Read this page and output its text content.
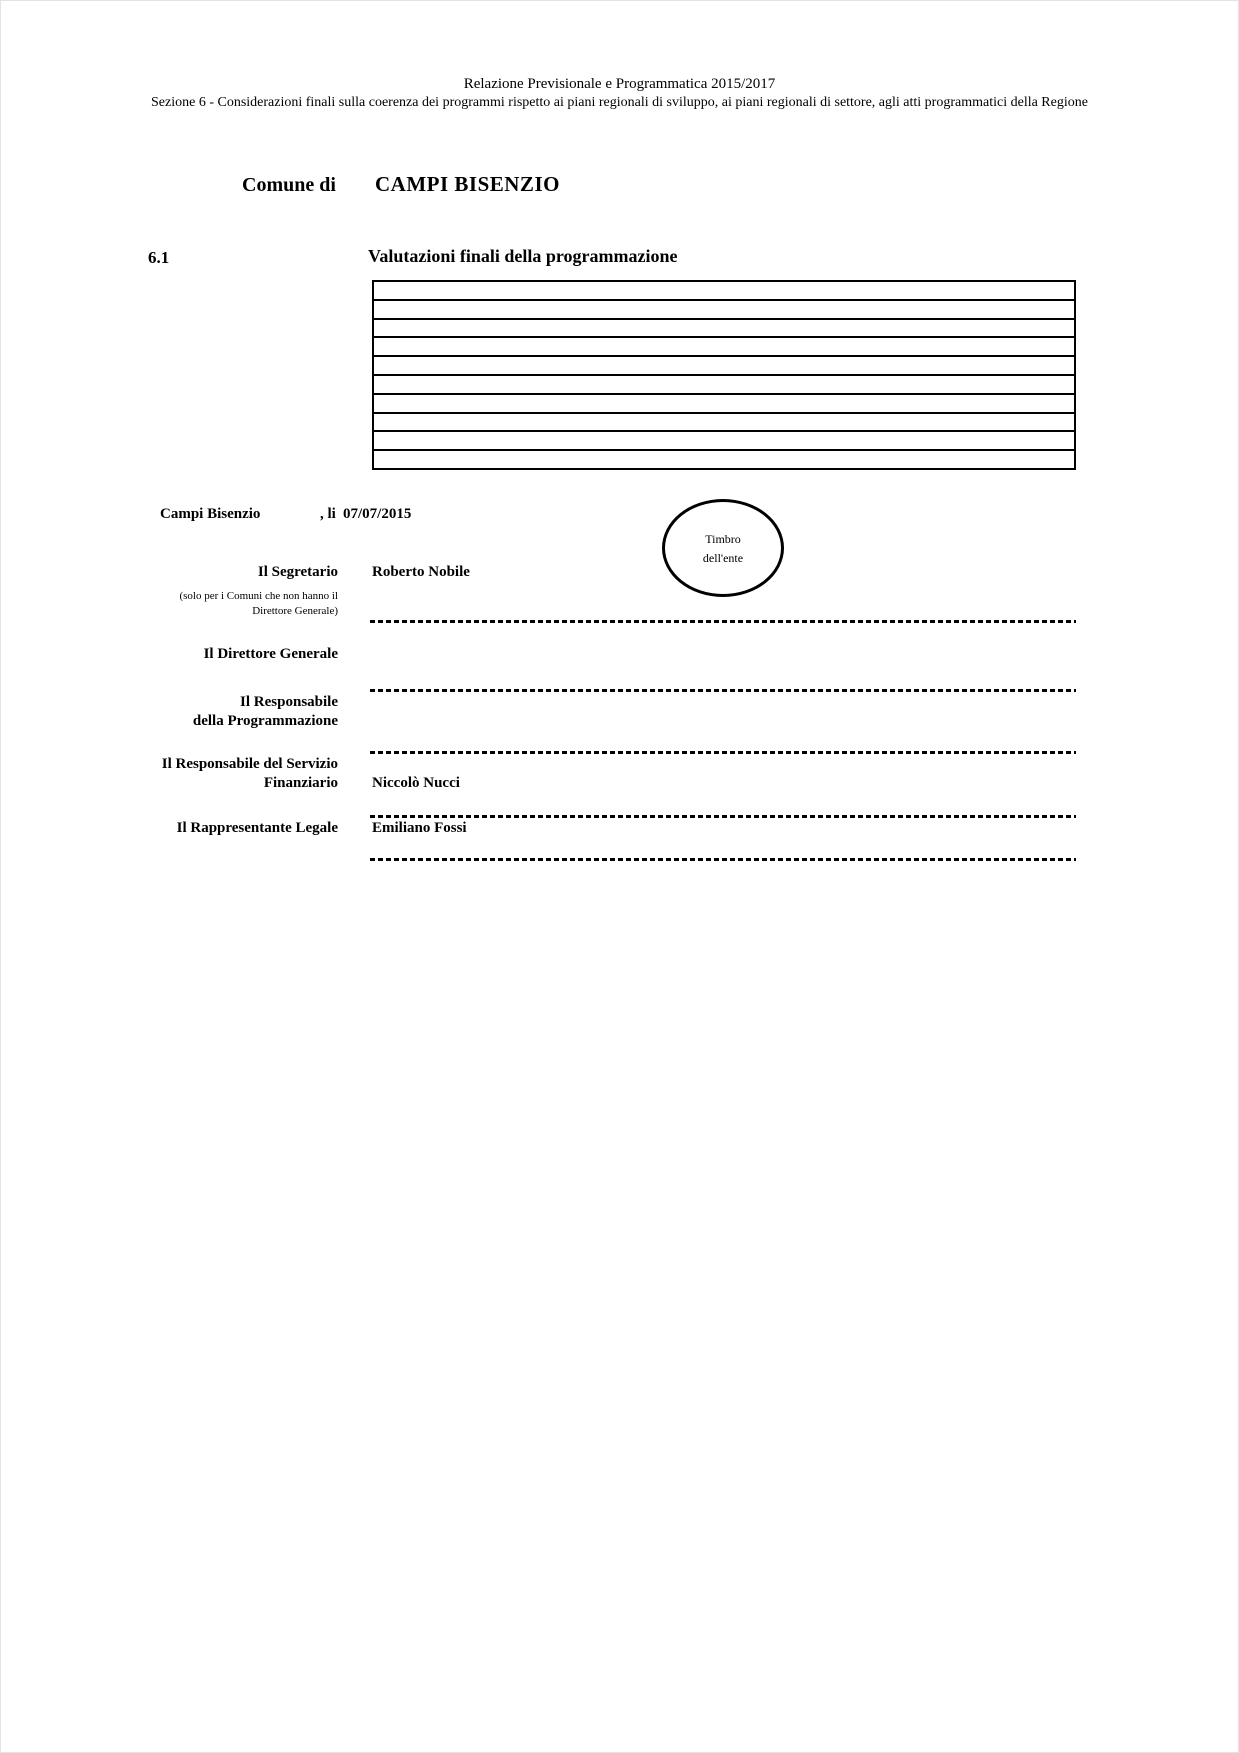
Relazione Previsionale e Programmatica 2015/2017
Sezione 6 - Considerazioni finali sulla coerenza dei programmi rispetto ai piani regionali di sviluppo, ai piani regionali di settore, agli atti programmatici della Regione
Comune di CAMPI BISENZIO
6.1	Valutazioni finali della programmazione
Campi Bisenzio	, li 07/07/2015
Timbro
dell'ente
Il Segretario Roberto Nobile
(solo per i Comuni che non hanno il
Direttore Generale)
Il Direttore Generale
Il Responsabile
della Programmazione
Il Responsabile del Servizio
Finanziario Niccolò Nucci
Il Rappresentante Legale Emiliano Fossi
